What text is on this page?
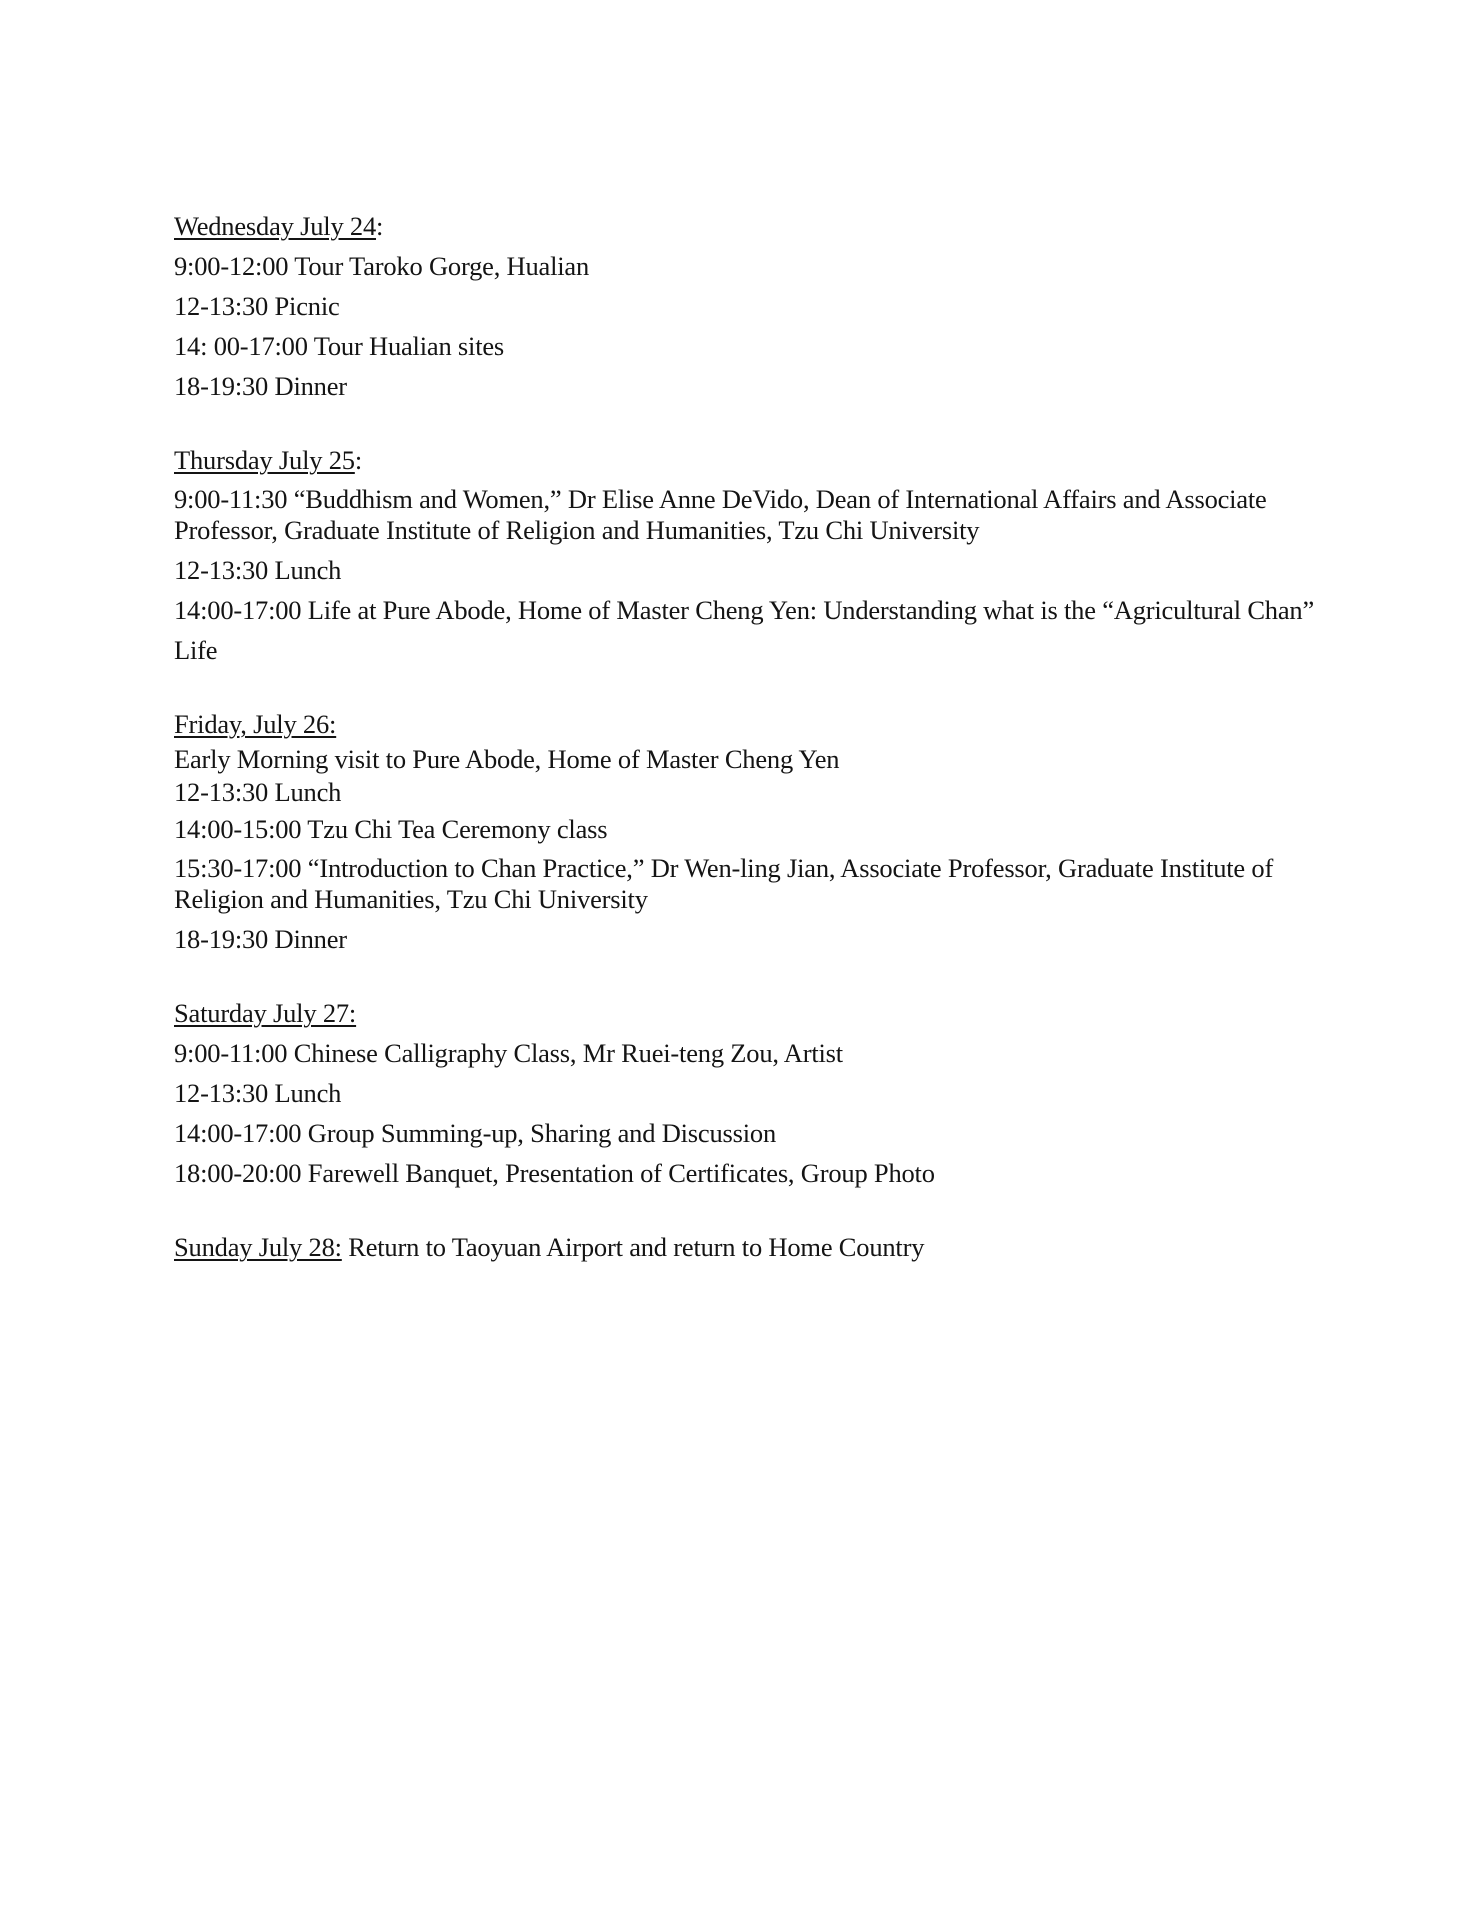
Wednesday July 24:
9:00-12:00 Tour Taroko Gorge, Hualian
12-13:30 Picnic
14: 00-17:00 Tour Hualian sites
18-19:30 Dinner
Thursday July 25:
9:00-11:30 “Buddhism and Women,” Dr Elise Anne DeVido, Dean of International Affairs and Associate Professor, Graduate Institute of Religion and Humanities, Tzu Chi University
12-13:30 Lunch
14:00-17:00 Life at Pure Abode, Home of Master Cheng Yen: Understanding what is the “Agricultural Chan” Life
Friday, July 26:
Early Morning visit to Pure Abode, Home of Master Cheng Yen
12-13:30 Lunch
14:00-15:00 Tzu Chi Tea Ceremony class
15:30-17:00 “Introduction to Chan Practice,” Dr Wen-ling Jian, Associate Professor, Graduate Institute of Religion and Humanities, Tzu Chi University
18-19:30 Dinner
Saturday July 27:
9:00-11:00 Chinese Calligraphy Class, Mr Ruei-teng Zou, Artist
12-13:30 Lunch
14:00-17:00 Group Summing-up, Sharing and Discussion
18:00-20:00 Farewell Banquet, Presentation of Certificates, Group Photo
Sunday July 28: Return to Taoyuan Airport and return to Home Country
